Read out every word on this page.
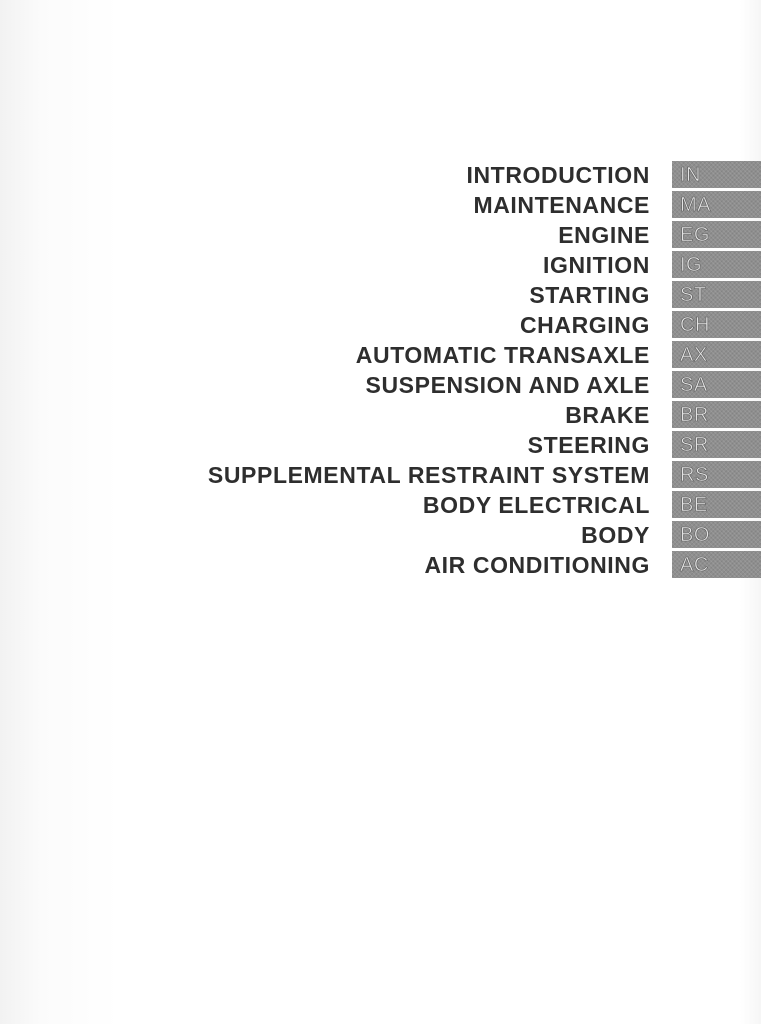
INTRODUCTION IN
MAINTENANCE MA
ENGINE EG
IGNITION IG
STARTING ST
CHARGING CH
AUTOMATIC TRANSAXLE AX
SUSPENSION AND AXLE SA
BRAKE BR
STEERING SR
SUPPLEMENTAL RESTRAINT SYSTEM RS
BODY ELECTRICAL BE
BODY BO
AIR CONDITIONING AC
